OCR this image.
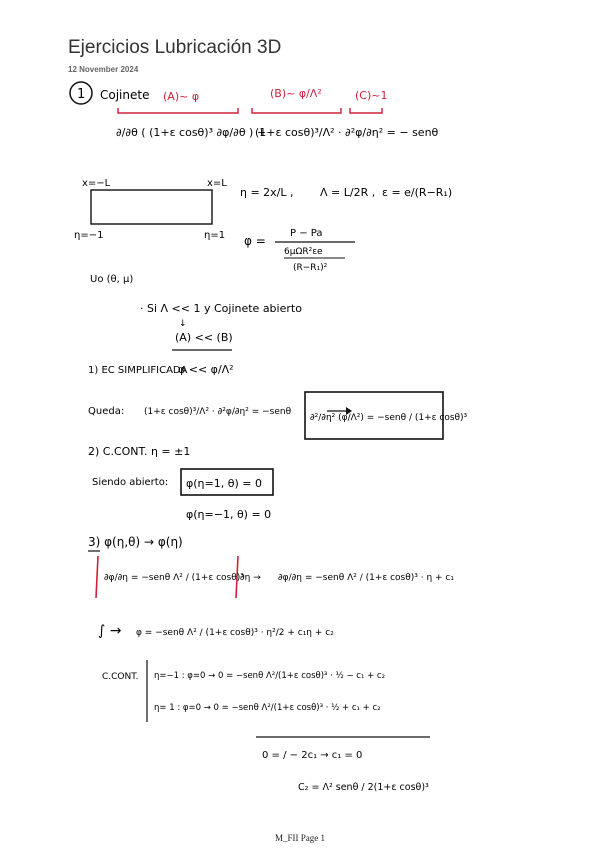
Ejercicios Lubricación 3D
12 November 2024
1 Cojinete (A)~ φ	(B)~ φ/Λ²	(C)~1
∂/∂θ ( (1+ε cosθ)³ ∂φ/∂θ ) +
(1+ε cosθ)³/Λ² · ∂²φ/∂η² = − senθ
x=−L	x=L
η=−1	η=1
η = 2x/L , Λ = L/2R , ε = e/(R−R₁)
φ =
P − Pa
6μΩR²εe
(R−R₁)²
Uo (θ, μ)
· Si Λ << 1 y Cojinete abierto
↓
(A) << (B)
1) EC SIMPLIFICADA
φ << φ/Λ²
Queda: (1+ε cosθ)³/Λ² · ∂²φ/∂η² = −senθ
∂²/∂η² (φ/Λ²) = −senθ / (1+ε cosθ)³
2) C.CONT. η = ±1
Siendo abierto: φ(η=1, θ) = 0
φ(η=−1, θ) = 0
3) φ(η,θ) → φ(η)
∂φ/∂η = −senθ Λ² / (1+ε cosθ)³
∂η → ∂φ/∂η = −senθ Λ² / (1+ε cosθ)³ · η + c₁
∫ → φ = −senθ Λ² / (1+ε cosθ)³ · η²/2 + c₁η + c₂
C.CONT. η=−1 : φ=0 → 0 = −senθ Λ²/(1+ε cosθ)³ · ½ − c₁ + c₂
η= 1 : φ=0 → 0 = −senθ Λ²/(1+ε cosθ)³ · ½ + c₁ + c₂
0 = / − 2c₁ → c₁ = 0
C₂ = Λ² senθ / 2(1+ε cosθ)³
M_FII Page 1
